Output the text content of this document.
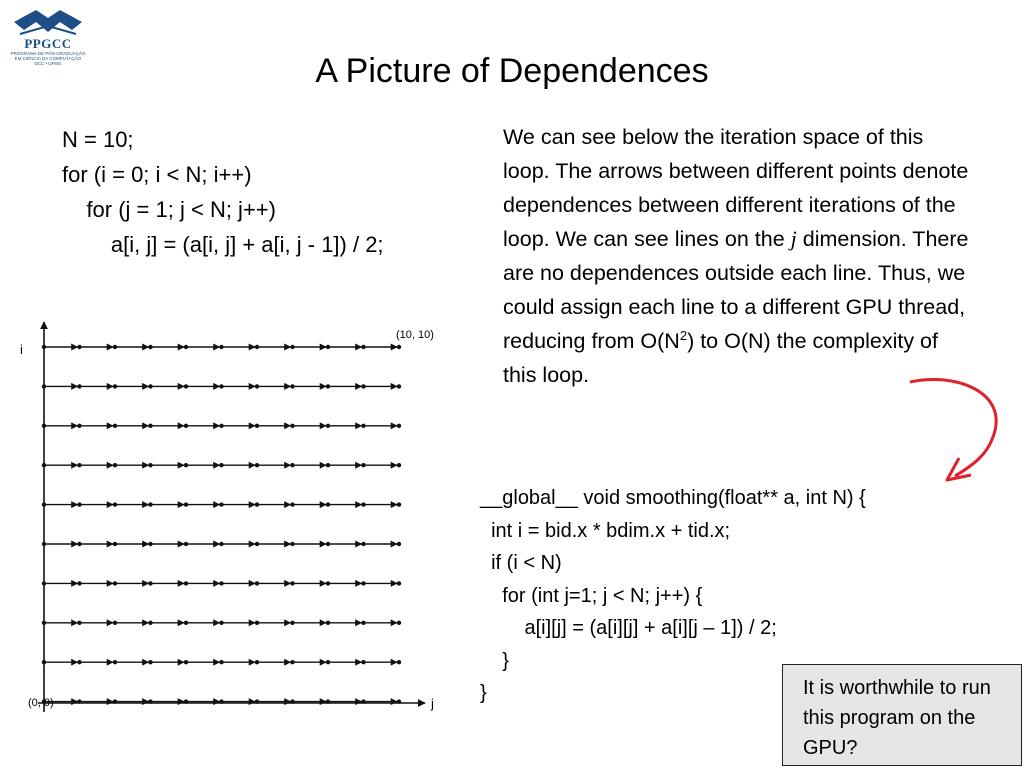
PPGCC
PROGRAMA DE PÓS-GRADUAÇÃO
EM CIÊNCIA DA COMPUTAÇÃO
DCC • UFMG	A Picture of Dependences
N = 10;
for (i = 0; i < N; i++)
for (j = 1; j < N; j++)
a[i, j] = (a[i, j] + a[i, j - 1]) / 2;
We can see below the iteration space of this loop. The arrows between different points denote dependences between different iterations of the loop. We can see lines on the j dimension. There are no dependences outside each line. Thus, we could assign each line to a different GPU thread, reducing from $O(N^2)$ to O(N) the complexity of this loop.
i
j
(0, 0)
(10, 10)
__global__ void smoothing(float** a, int N) {
int i = bid.x * bdim.x + tid.x;
if (i < N)
for (int j=1; j < N; j++) {
a[i][j] = (a[i][j] + a[i][j – 1]) / 2;
}
}	It is worthwhile to run this program on the GPU?
